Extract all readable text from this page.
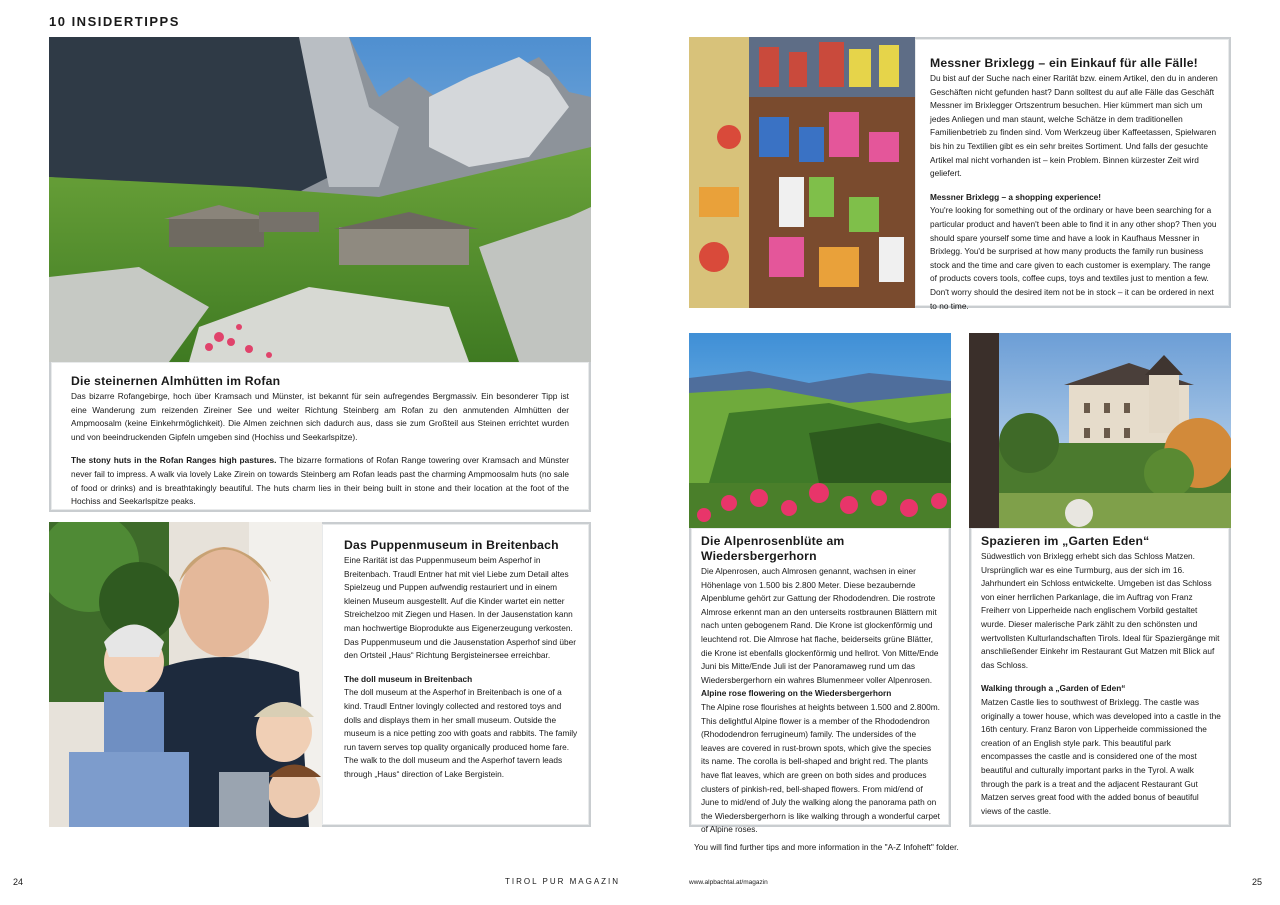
10 INSIDERTIPPS

Die steinernen Almhütten im Rofan

Das bizarre Rofangebirge, hoch über Kramsach und Münster, ist bekannt für sein aufregendes Bergmassiv. Ein besonderer Tipp ist eine Wanderung zum reizenden Zireiner See und weiter Richtung Steinberg am Rofan zu den anmutenden Almhütten der Ampmoosalm (keine Einkehrmöglichkeit). Die Almen zeichnen sich dadurch aus, dass sie zum Großteil aus Steinen errichtet wurden und von beeindruckenden Gipfeln umgeben sind (Hochiss und Seekarlspitze).

The stony huts in the Rofan Ranges high pastures. The bizarre formations of Rofan Range towering over Kramsach and Münster never fail to impress. A walk via lovely Lake Zirein on towards Steinberg am Rofan leads past the charming Ampmoosalm huts (no sale of food or drinks) and is breathtakingly beautiful. The huts charm lies in their being built in stone and their location at the foot of the Hochiss and Seekarlspitze peaks.

Das Puppenmuseum in Breitenbach

Eine Rarität ist das Puppenmuseum beim Asperhof in Breitenbach. Traudl Entner hat mit viel Liebe zum Detail altes Spielzeug und Puppen aufwendig restauriert und in einem kleinen Museum ausgestellt. Auf die Kinder wartet ein netter Streichelzoo mit Ziegen und Hasen. In der Jausenstation kann man hochwertige Bioprodukte aus Eigenerzeugung verkosten. Das Puppenmuseum und die Jausenstation Asperhof sind über den Ortsteil „Haus“ Richtung Bergisteinersee erreichbar.

The doll museum in Breitenbach

The doll museum at the Asperhof in Breitenbach is one of a kind. Traudl Entner lovingly collected and restored toys and dolls and displays them in her small museum. Outside the museum is a nice petting zoo with goats and rabbits. The family run tavern serves top quality organically produced home fare. The walk to the doll museum and the Asperhof tavern leads through „Haus“ direction of Lake Bergistein.

24	TIROL PUR MAGAZIN

Messner Brixlegg – ein Einkauf für alle Fälle!

Du bist auf der Suche nach einer Rarität bzw. einem Artikel, den du in anderen Geschäften nicht gefunden hast? Dann solltest du auf alle Fälle das Geschäft Messner im Brixlegger Ortszentrum besuchen. Hier kümmert man sich um jedes Anliegen und man staunt, welche Schätze in dem traditionellen Familienbetrieb zu finden sind. Vom Werkzeug über Kaffeetassen, Spielwaren bis hin zu Textilien gibt es ein sehr breites Sortiment. Und falls der gesuchte Artikel mal nicht vorhanden ist – kein Problem. Binnen kürzester Zeit wird geliefert.

Messner Brixlegg – a shopping experience!

You're looking for something out of the ordinary or have been searching for a particular product and haven't been able to find it in any other shop? Then you should spare yourself some time and have a look in Kaufhaus Messner in Brixlegg. You'd be surprised at how many products the family run business stock and the time and care given to each customer is exemplary. The range of products covers tools, coffee cups, toys and textiles just to mention a few. Don't worry should the desired item not be in stock – it can be ordered in next to no time.

Die Alpenrosenblüte am Wiedersbergerhorn

Die Alpenrosen, auch Almrosen genannt, wachsen in einer Höhenlage von 1.500 bis 2.800 Meter. Diese bezaubernde Alpenblume gehört zur Gattung der Rhododendren. Die rostrote Almrose erkennt man an den unterseits rostbraunen Blättern mit nach unten gebogenem Rand. Die Krone ist glockenförmig und leuchtend rot. Die Almrose hat flache, beiderseits grüne Blätter, die Krone ist ebenfalls glockenförmig und hellrot. Von Mitte/Ende Juni bis Mitte/Ende Juli ist der Panoramaweg rund um das Wiedersbergerhorn ein wahres Blumenmeer voller Alpenrosen.

Alpine rose flowering on the Wiedersbergerhorn

The Alpine rose flourishes at heights between 1.500 and 2.800m. This delightful Alpine flower is a member of the Rhododendron (Rhododendron ferrugineum) family. The undersides of the leaves are covered in rust-brown spots, which give the species its name. The corolla is bell-shaped and bright red. The plants have flat leaves, which are green on both sides and produces clusters of pinkish-red, bell-shaped flowers. From mid/end of June to mid/end of July the walking along the panorama path on the Wiedersbergerhorn is like walking through a wonderful carpet of Alpine roses.

Spazieren im „Garten Eden“

Südwestlich von Brixlegg erhebt sich das Schloss Matzen. Ursprünglich war es eine Turmburg, aus der sich im 16. Jahrhundert ein Schloss entwickelte. Umgeben ist das Schloss von einer herrlichen Parkanlage, die im Auftrag von Franz Freiherr von Lipperheide nach englischem Vorbild gestaltet wurde. Dieser malerische Park zählt zu den schönsten und wertvollsten Kulturlandschaften Tirols. Ideal für Spaziergänge mit anschließender Einkehr im Restaurant Gut Matzen mit Blick auf das Schloss.

Walking through a „Garden of Eden“

Matzen Castle lies to southwest of Brixlegg. The castle was originally a tower house, which was developed into a castle in the 16th century. Franz Baron von Lipperheide commissioned the creation of an English style park. This beautiful park encompasses the castle and is considered one of the most beautiful and culturally important parks in the Tyrol. A walk through the park is a treat and the adjacent Restaurant Gut Matzen serves great food with the added bonus of beautiful views of the castle.

You will find further tips and more information in the "A-Z Infoheft" folder.
www.alpbachtal.at/magazin	25
